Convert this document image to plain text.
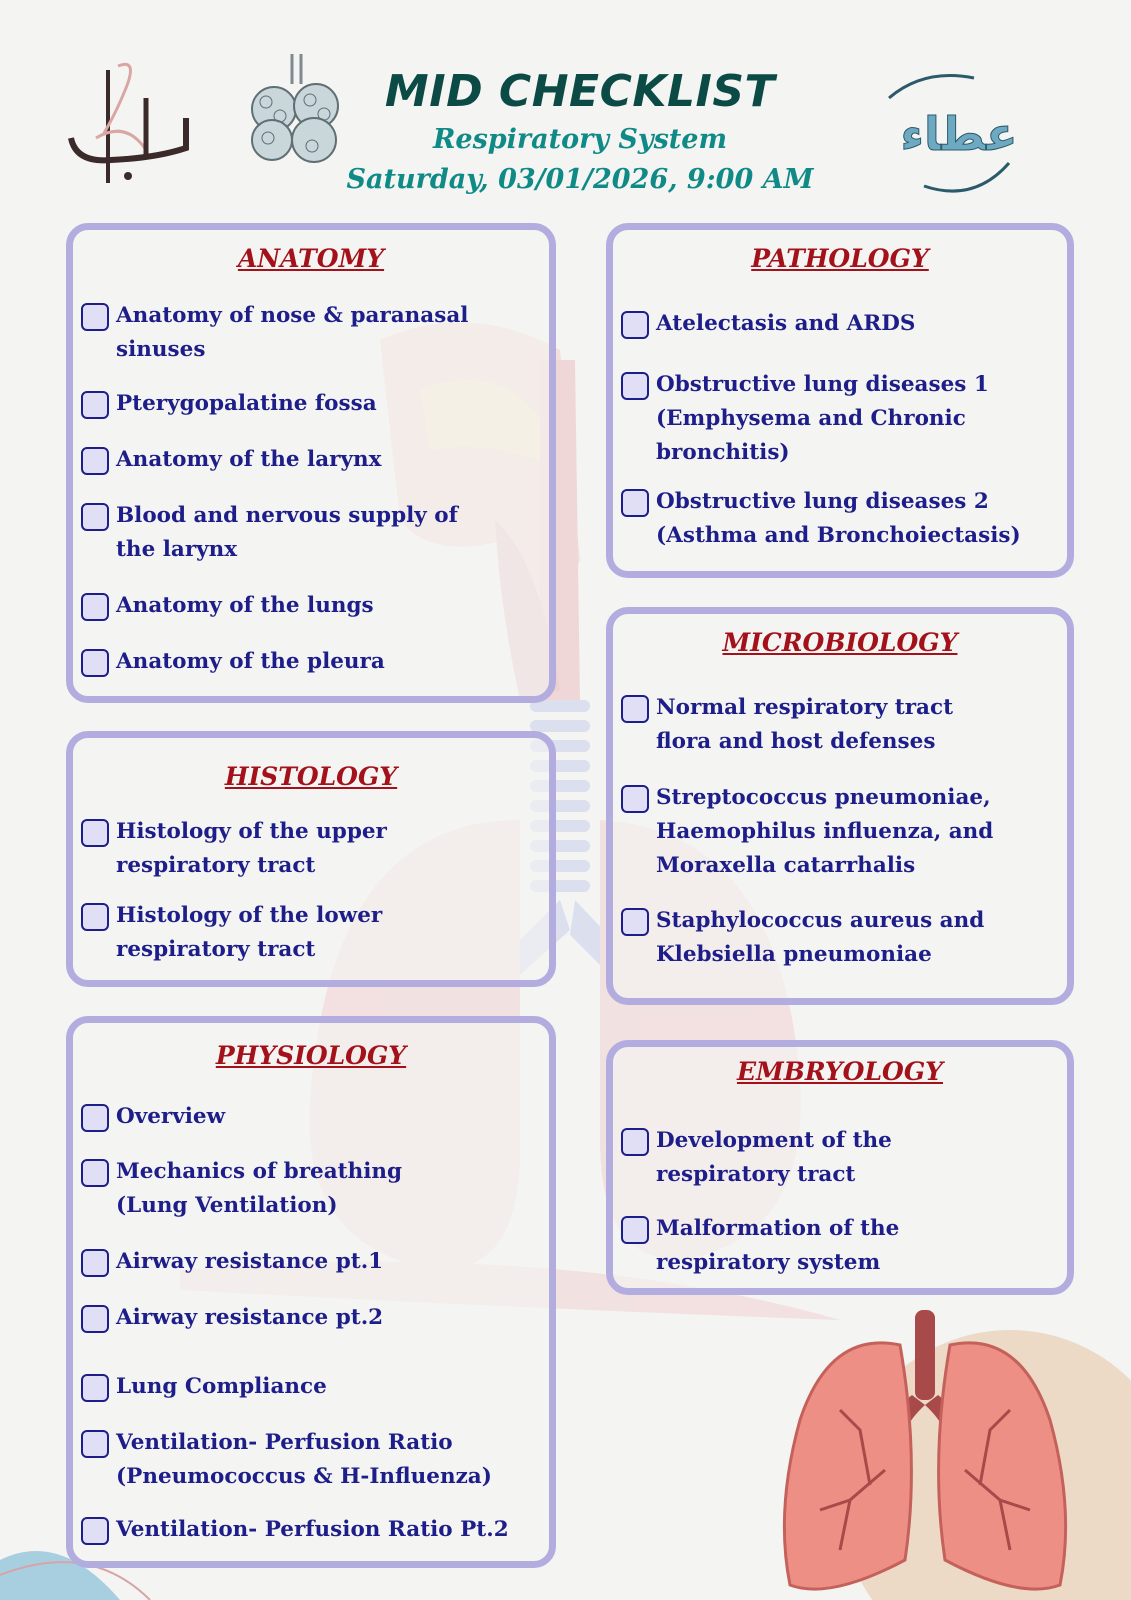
لجان
MID CHECKLIST
Respiratory System
Saturday, 03/01/2026, 9:00 AM
عطاء
ANATOMY
Anatomy of nose & paranasal
sinuses
Pterygopalatine fossa
Anatomy of the larynx
Blood and nervous supply of
the larynx
Anatomy of the lungs
Anatomy of the pleura
HISTOLOGY
Histology of the upper
respiratory tract
Histology of the lower
respiratory tract
PHYSIOLOGY
Overview
Mechanics of breathing
(Lung Ventilation)
Airway resistance pt.1
Airway resistance pt.2
Lung Compliance
Ventilation- Perfusion Ratio
(Pneumococcus & H-Influenza)
Ventilation- Perfusion Ratio Pt.2
PATHOLOGY
Atelectasis and ARDS
Obstructive lung diseases 1
(Emphysema and Chronic
bronchitis)
Obstructive lung diseases 2
(Asthma and Bronchoiectasis)
MICROBIOLOGY
Normal respiratory tract
flora and host defenses
Streptococcus pneumoniae,
Haemophilus influenza, and
Moraxella catarrhalis
Staphylococcus aureus and
Klebsiella pneumoniae
EMBRYOLOGY
Development of the
respiratory tract
Malformation of the
respiratory system
